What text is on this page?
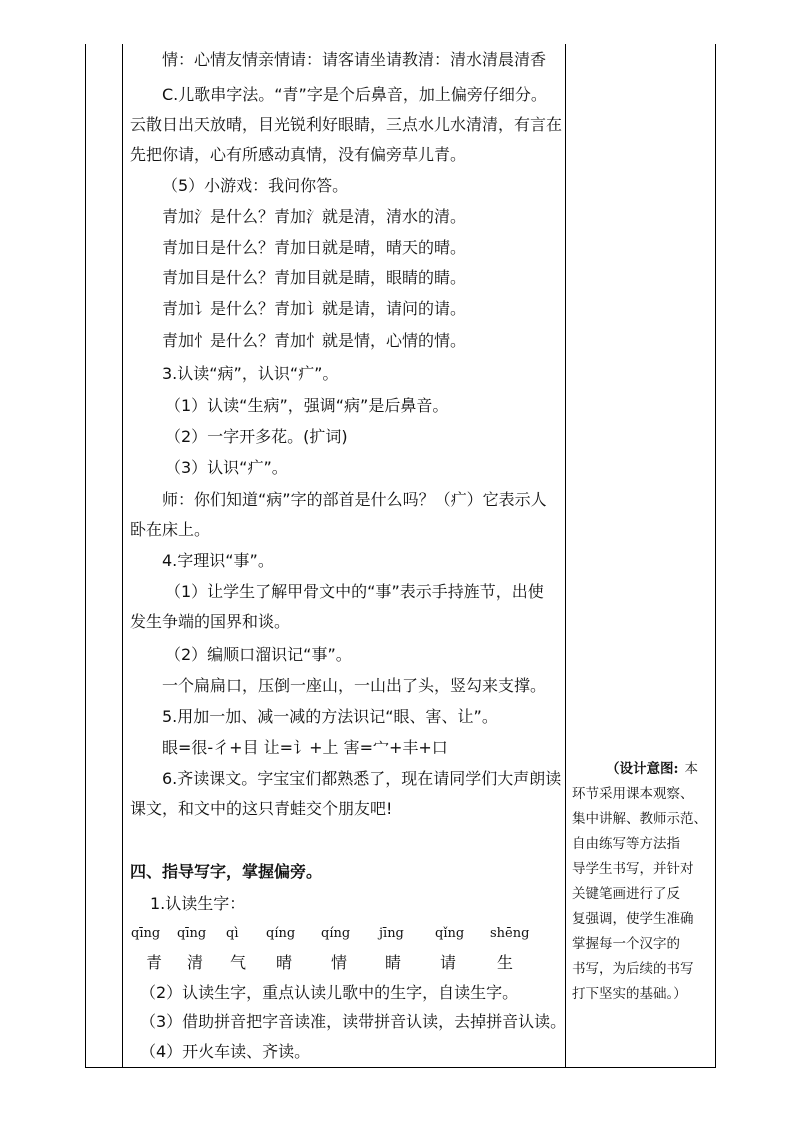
情：心情友情亲情请：请客请坐请教清：清水清晨清香
C.儿歌串字法。“青”字是个后鼻音，加上偏旁仔细分。
云散日出天放晴，目光锐利好眼睛，三点水儿水清清，有言在
先把你请，心有所感动真情，没有偏旁草儿青。
（5）小游戏：我问你答。
青加氵是什么？青加氵就是清，清水的清。
青加日是什么？青加日就是晴，晴天的晴。
青加目是什么？青加目就是睛，眼睛的睛。
青加讠是什么？青加讠就是请，请问的请。
青加忄是什么？青加忄就是情，心情的情。
3.认读“病”，认识“疒”。
（1）认读“生病”，强调“病”是后鼻音。
（2）一字开多花。(扩词)
（3）认识“疒”。
师：你们知道“病”字的部首是什么吗？（疒）它表示人
卧在床上。
4.字理识“事”。
（1）让学生了解甲骨文中的“事”表示手持旌节，出使
发生争端的国界和谈。
（2）编顺口溜识记“事”。
一个扁扁口，压倒一座山，一山出了头，竖勾来支撑。
5.用加一加、减一减的方法识记“眼、害、让”。
眼=很-彳+目 让=讠+上 害=宀+丰+口
6.齐读课文。字宝宝们都熟悉了，现在请同学们大声朗读
课文，和文中的这只青蛙交个朋友吧!
四、指导写字，掌握偏旁。
1.认读生字：
qīng qīng qì qíng qíng jīng qǐng shēng
青 清 气 晴 情 睛 请	生
（2）认读生字，重点认读儿歌中的生字，自读生字。
（3）借助拼音把字音读准，读带拼音认读，去掉拼音认读。
（4）开火车读、齐读。
（设计意图: 本
环节采用课本观察、
集中讲解、教师示范、
自由练写等方法指
导学生书写，并针对
关键笔画进行了反
复强调，使学生准确
掌握每一个汉字的
书写，为后续的书写
打下坚实的基础。）
